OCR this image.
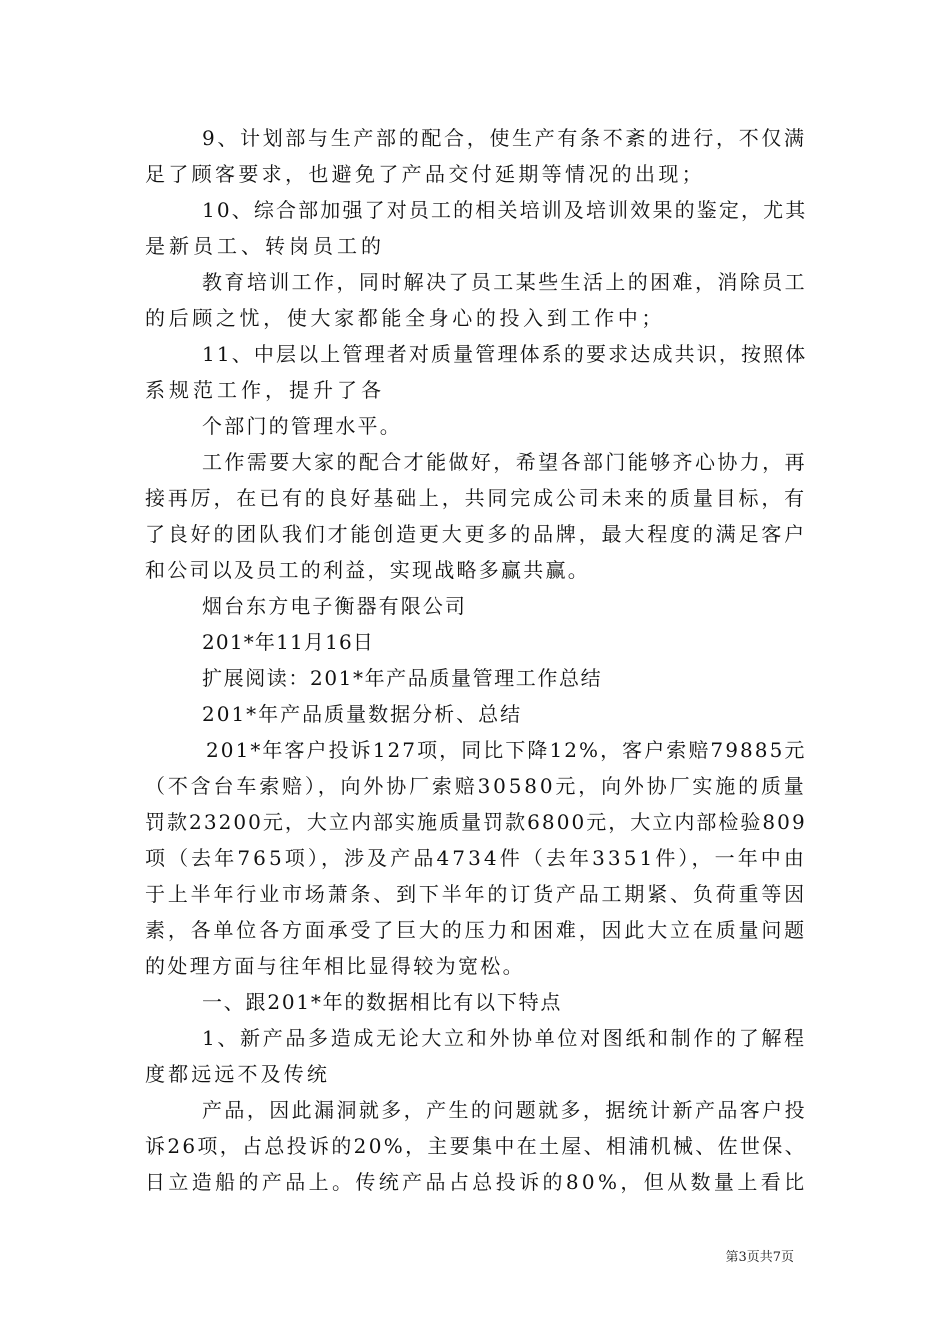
9、计划部与生产部的配合，使生产有条不紊的进行，不仅满
足了顾客要求，也避免了产品交付延期等情况的出现；
10、综合部加强了对员工的相关培训及培训效果的鉴定，尤其
是新员工、转岗员工的
教育培训工作，同时解决了员工某些生活上的困难，消除员工
的后顾之忧，使大家都能全身心的投入到工作中；
11、中层以上管理者对质量管理体系的要求达成共识，按照体
系规范工作，提升了各
个部门的管理水平。
工作需要大家的配合才能做好，希望各部门能够齐心协力，再
接再厉，在已有的良好基础上，共同完成公司未来的质量目标，有
了良好的团队我们才能创造更大更多的品牌，最大程度的满足客户
和公司以及员工的利益，实现战略多赢共赢。
烟台东方电子衡器有限公司
201*年11月16日
扩展阅读：201*年产品质量管理工作总结
201*年产品质量数据分析、总结
201*年客户投诉127项，同比下降12%，客户索赔79885元
（不含台车索赔），向外协厂索赔30580元，向外协厂实施的质量
罚款23200元，大立内部实施质量罚款6800元，大立内部检验809
项（去年765项），涉及产品4734件（去年3351件），一年中由
于上半年行业市场萧条、到下半年的订货产品工期紧、负荷重等因
素，各单位各方面承受了巨大的压力和困难，因此大立在质量问题
的处理方面与往年相比显得较为宽松。
一、跟201*年的数据相比有以下特点
1、新产品多造成无论大立和外协单位对图纸和制作的了解程
度都远远不及传统
产品，因此漏洞就多，产生的问题就多，据统计新产品客户投
诉26项，占总投诉的20%，主要集中在土屋、相浦机械、佐世保、
日立造船的产品上。传统产品占总投诉的80%，但从数量上看比
第3页共7页
